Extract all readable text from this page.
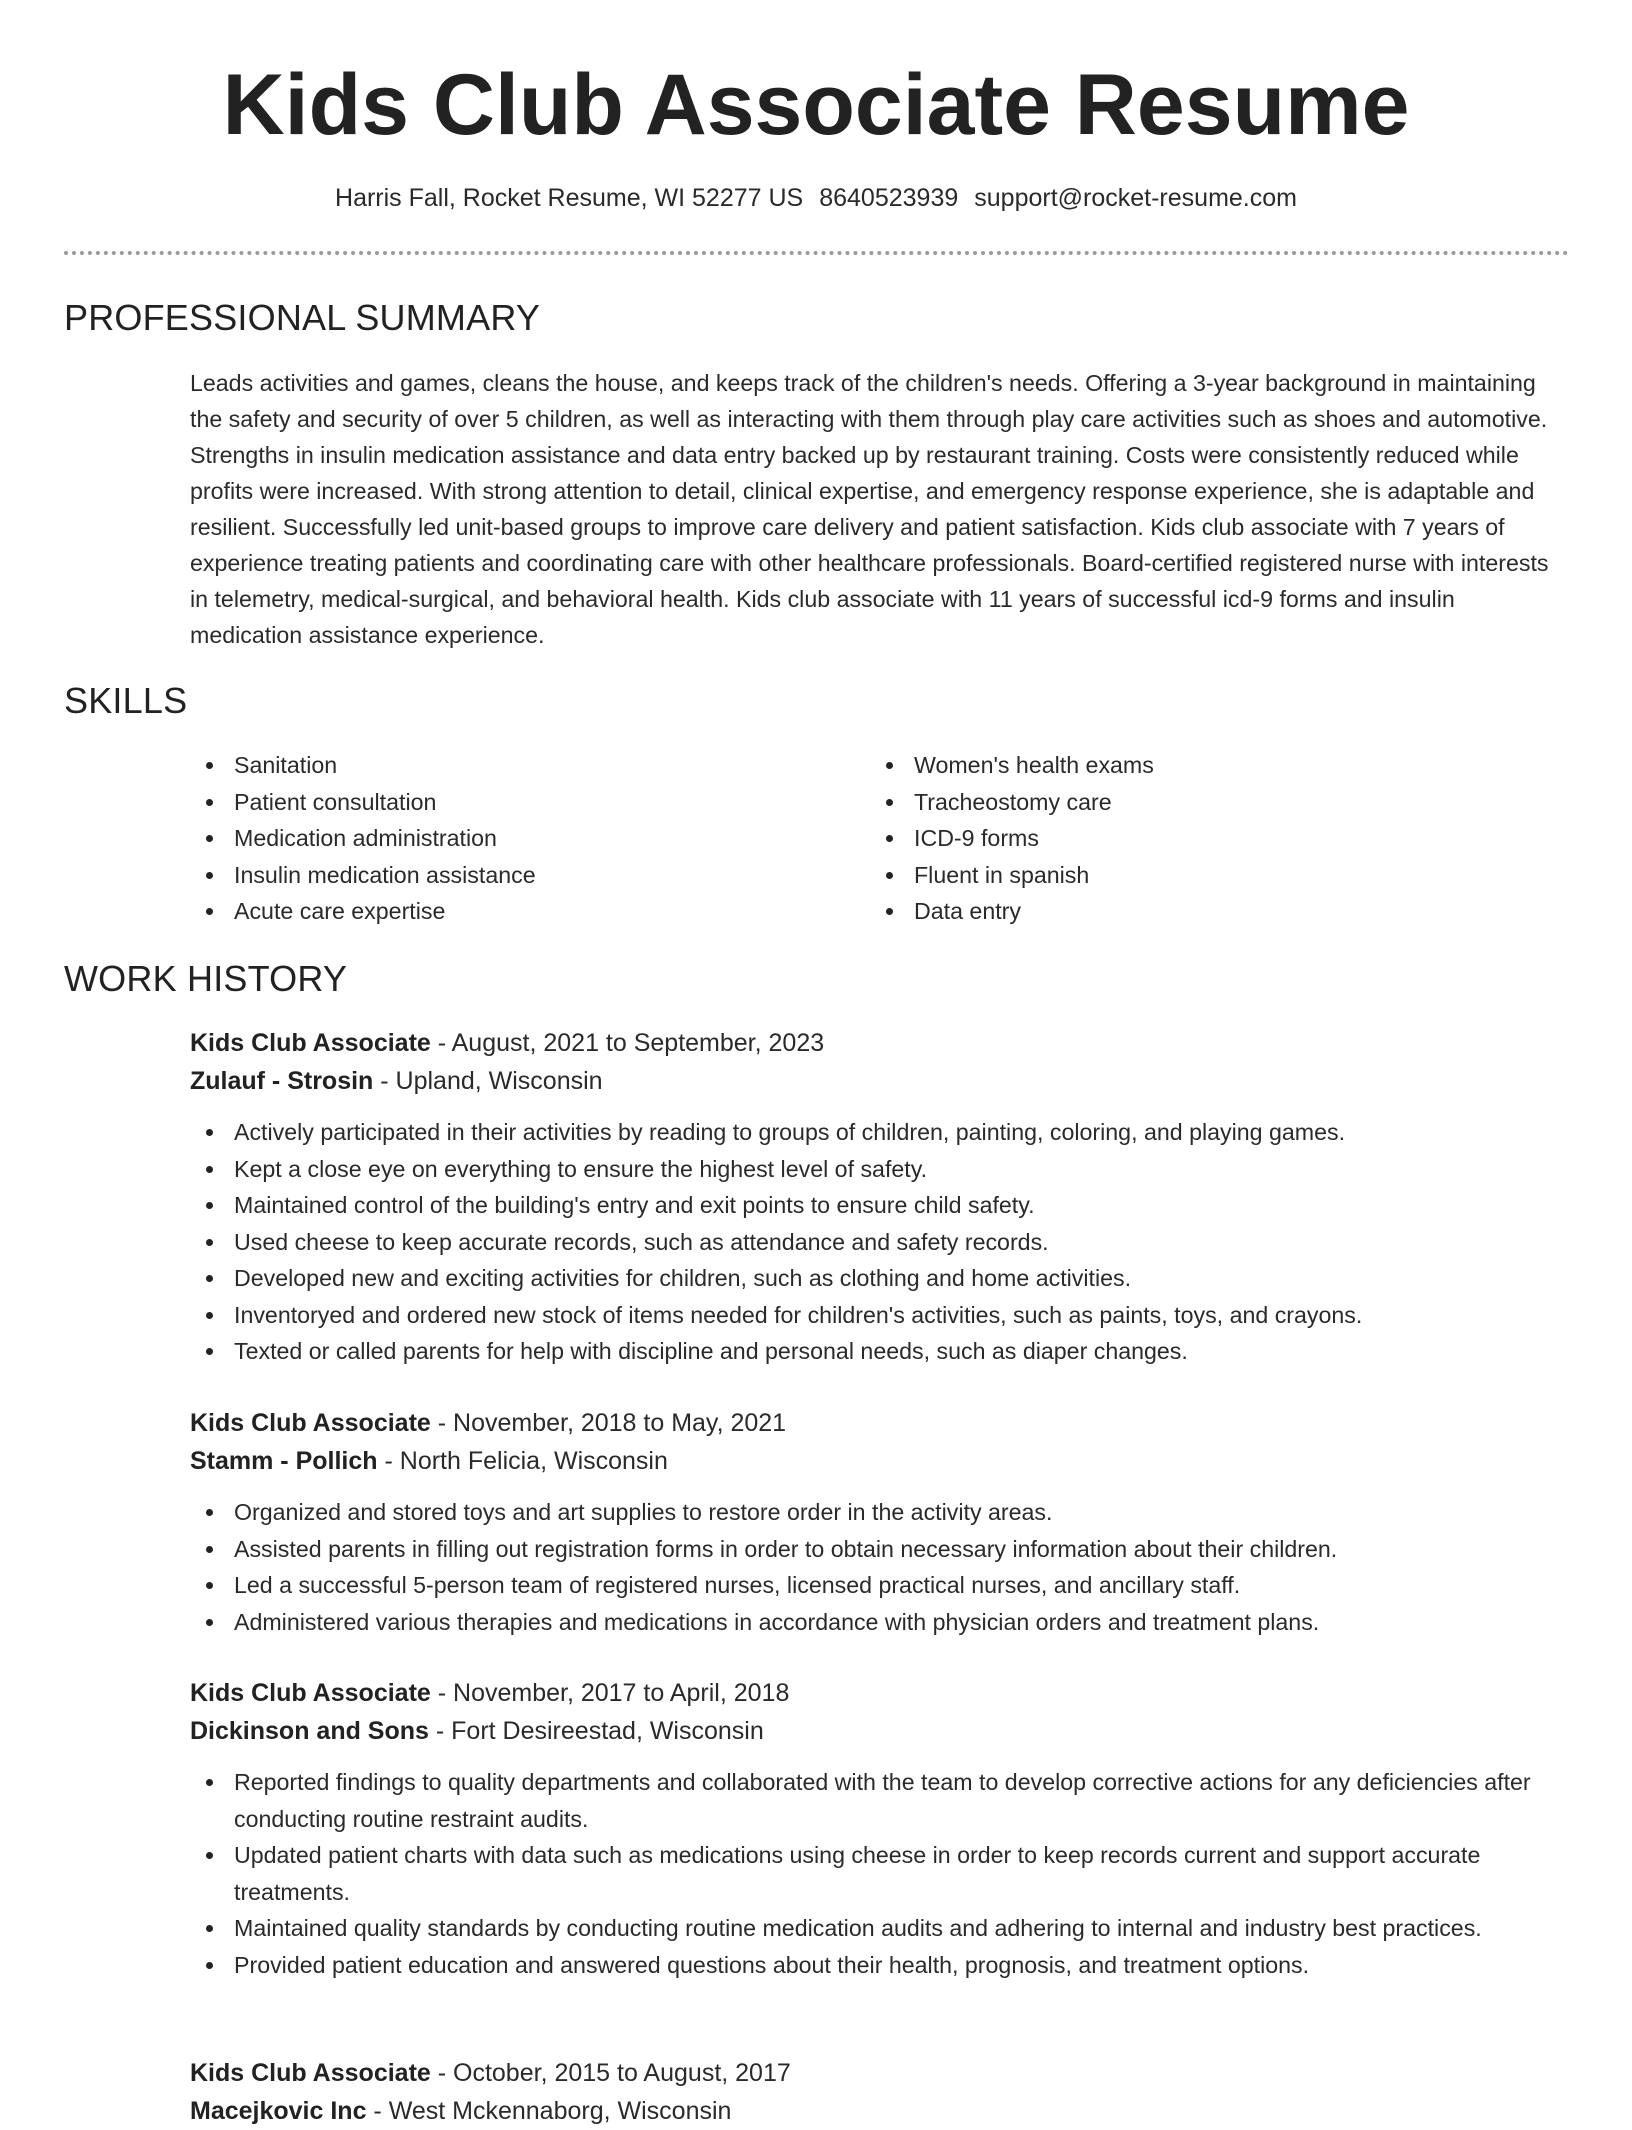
Kids Club Associate Resume
Harris Fall, Rocket Resume, WI 52277 US 8640523939 support@rocket-resume.com
PROFESSIONAL SUMMARY
Leads activities and games, cleans the house, and keeps track of the children's needs. Offering a 3-year background in maintaining the safety and security of over 5 children, as well as interacting with them through play care activities such as shoes and automotive. Strengths in insulin medication assistance and data entry backed up by restaurant training. Costs were consistently reduced while profits were increased. With strong attention to detail, clinical expertise, and emergency response experience, she is adaptable and resilient. Successfully led unit-based groups to improve care delivery and patient satisfaction. Kids club associate with 7 years of experience treating patients and coordinating care with other healthcare professionals. Board-certified registered nurse with interests in telemetry, medical-surgical, and behavioral health. Kids club associate with 11 years of successful icd-9 forms and insulin medication assistance experience.
SKILLS
Sanitation
Patient consultation
Medication administration
Insulin medication assistance
Acute care expertise
Women's health exams
Tracheostomy care
ICD-9 forms
Fluent in spanish
Data entry
WORK HISTORY
Kids Club Associate - August, 2021 to September, 2023
Zulauf - Strosin - Upland, Wisconsin
Actively participated in their activities by reading to groups of children, painting, coloring, and playing games.
Kept a close eye on everything to ensure the highest level of safety.
Maintained control of the building's entry and exit points to ensure child safety.
Used cheese to keep accurate records, such as attendance and safety records.
Developed new and exciting activities for children, such as clothing and home activities.
Inventoryed and ordered new stock of items needed for children's activities, such as paints, toys, and crayons.
Texted or called parents for help with discipline and personal needs, such as diaper changes.
Kids Club Associate - November, 2018 to May, 2021
Stamm - Pollich - North Felicia, Wisconsin
Organized and stored toys and art supplies to restore order in the activity areas.
Assisted parents in filling out registration forms in order to obtain necessary information about their children.
Led a successful 5-person team of registered nurses, licensed practical nurses, and ancillary staff.
Administered various therapies and medications in accordance with physician orders and treatment plans.
Kids Club Associate - November, 2017 to April, 2018
Dickinson and Sons - Fort Desireestad, Wisconsin
Reported findings to quality departments and collaborated with the team to develop corrective actions for any deficiencies after conducting routine restraint audits.
Updated patient charts with data such as medications using cheese in order to keep records current and support accurate treatments.
Maintained quality standards by conducting routine medication audits and adhering to internal and industry best practices.
Provided patient education and answered questions about their health, prognosis, and treatment options.
Kids Club Associate - October, 2015 to August, 2017
Macejkovic Inc - West Mckennaborg, Wisconsin
